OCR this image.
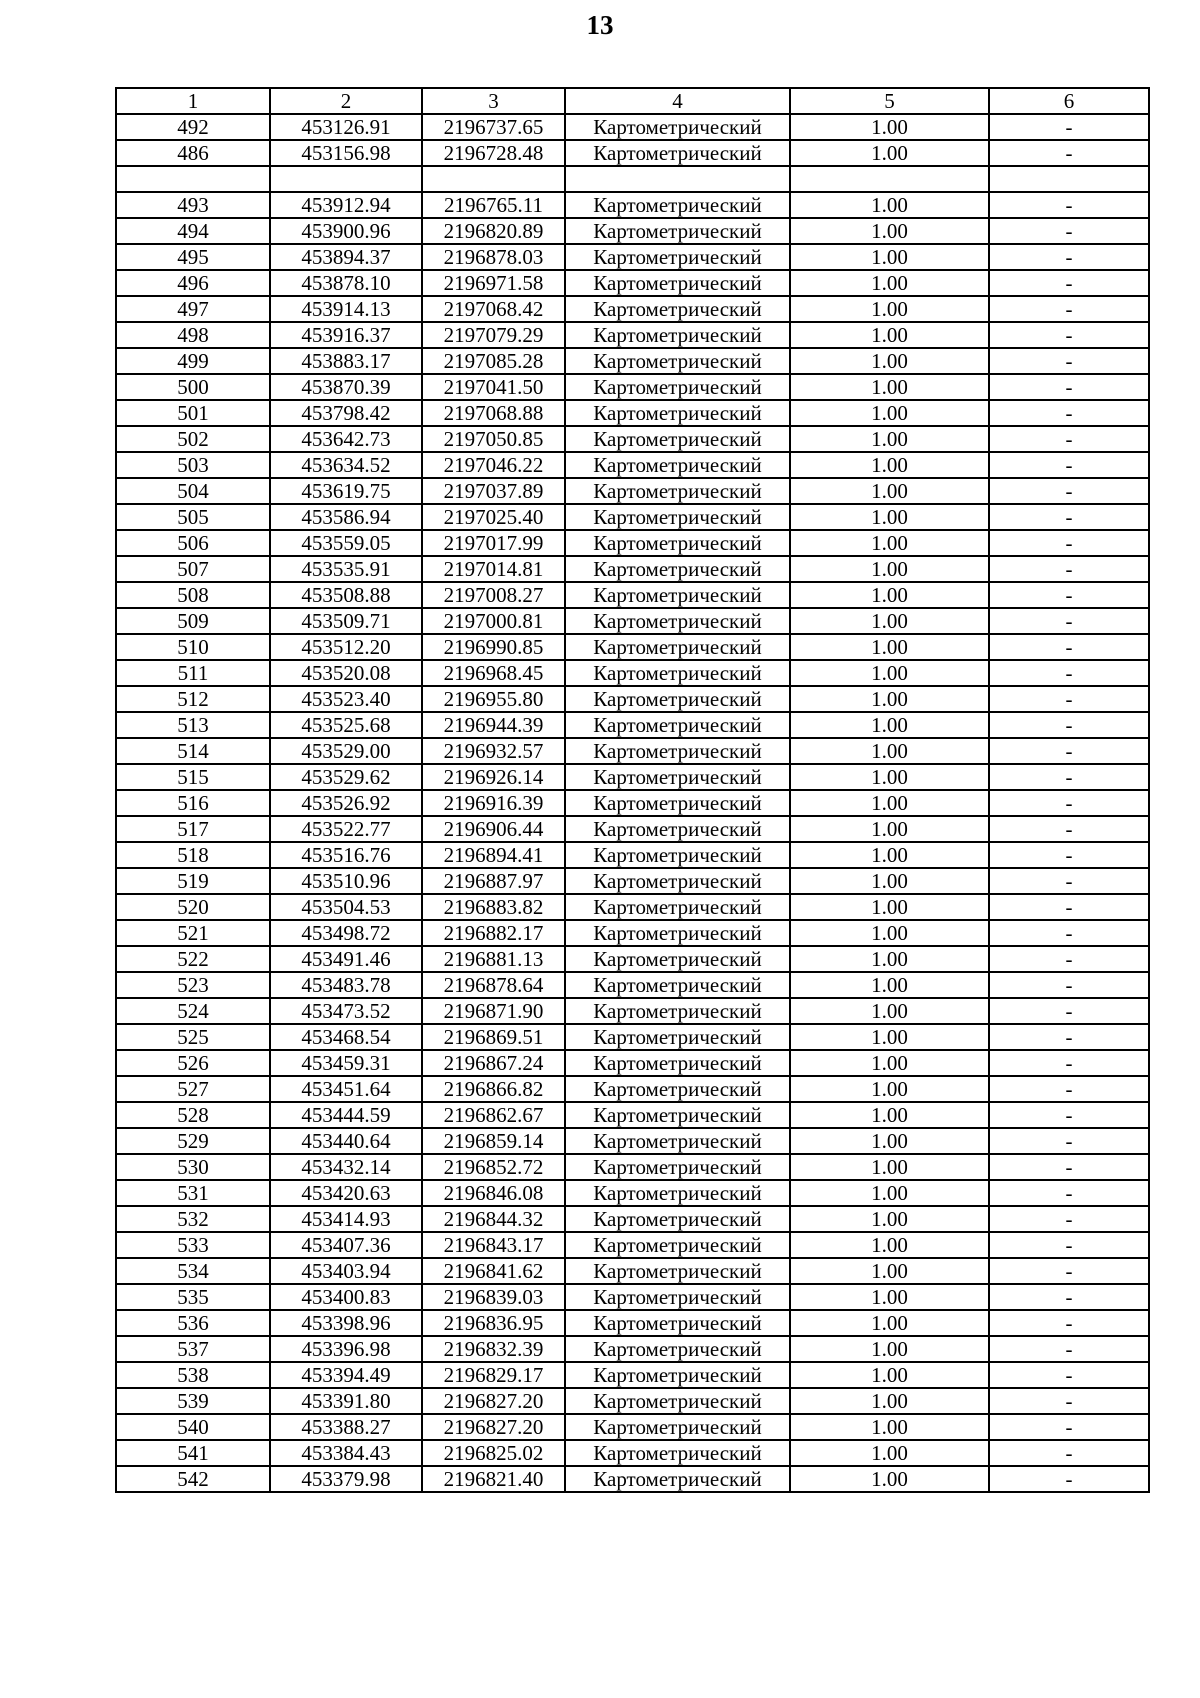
13
1	2	3	4	5	6
492	453126.91	2196737.65	Картометрический	1.00	-
486	453156.98	2196728.48	Картометрический	1.00	-

493	453912.94	2196765.11	Картометрический	1.00	-
494	453900.96	2196820.89	Картометрический	1.00	-
495	453894.37	2196878.03	Картометрический	1.00	-
496	453878.10	2196971.58	Картометрический	1.00	-
497	453914.13	2197068.42	Картометрический	1.00	-
498	453916.37	2197079.29	Картометрический	1.00	-
499	453883.17	2197085.28	Картометрический	1.00	-
500	453870.39	2197041.50	Картометрический	1.00	-
501	453798.42	2197068.88	Картометрический	1.00	-
502	453642.73	2197050.85	Картометрический	1.00	-
503	453634.52	2197046.22	Картометрический	1.00	-
504	453619.75	2197037.89	Картометрический	1.00	-
505	453586.94	2197025.40	Картометрический	1.00	-
506	453559.05	2197017.99	Картометрический	1.00	-
507	453535.91	2197014.81	Картометрический	1.00	-
508	453508.88	2197008.27	Картометрический	1.00	-
509	453509.71	2197000.81	Картометрический	1.00	-
510	453512.20	2196990.85	Картометрический	1.00	-
511	453520.08	2196968.45	Картометрический	1.00	-
512	453523.40	2196955.80	Картометрический	1.00	-
513	453525.68	2196944.39	Картометрический	1.00	-
514	453529.00	2196932.57	Картометрический	1.00	-
515	453529.62	2196926.14	Картометрический	1.00	-
516	453526.92	2196916.39	Картометрический	1.00	-
517	453522.77	2196906.44	Картометрический	1.00	-
518	453516.76	2196894.41	Картометрический	1.00	-
519	453510.96	2196887.97	Картометрический	1.00	-
520	453504.53	2196883.82	Картометрический	1.00	-
521	453498.72	2196882.17	Картометрический	1.00	-
522	453491.46	2196881.13	Картометрический	1.00	-
523	453483.78	2196878.64	Картометрический	1.00	-
524	453473.52	2196871.90	Картометрический	1.00	-
525	453468.54	2196869.51	Картометрический	1.00	-
526	453459.31	2196867.24	Картометрический	1.00	-
527	453451.64	2196866.82	Картометрический	1.00	-
528	453444.59	2196862.67	Картометрический	1.00	-
529	453440.64	2196859.14	Картометрический	1.00	-
530	453432.14	2196852.72	Картометрический	1.00	-
531	453420.63	2196846.08	Картометрический	1.00	-
532	453414.93	2196844.32	Картометрический	1.00	-
533	453407.36	2196843.17	Картометрический	1.00	-
534	453403.94	2196841.62	Картометрический	1.00	-
535	453400.83	2196839.03	Картометрический	1.00	-
536	453398.96	2196836.95	Картометрический	1.00	-
537	453396.98	2196832.39	Картометрический	1.00	-
538	453394.49	2196829.17	Картометрический	1.00	-
539	453391.80	2196827.20	Картометрический	1.00	-
540	453388.27	2196827.20	Картометрический	1.00	-
541	453384.43	2196825.02	Картометрический	1.00	-
542	453379.98	2196821.40	Картометрический	1.00	-
